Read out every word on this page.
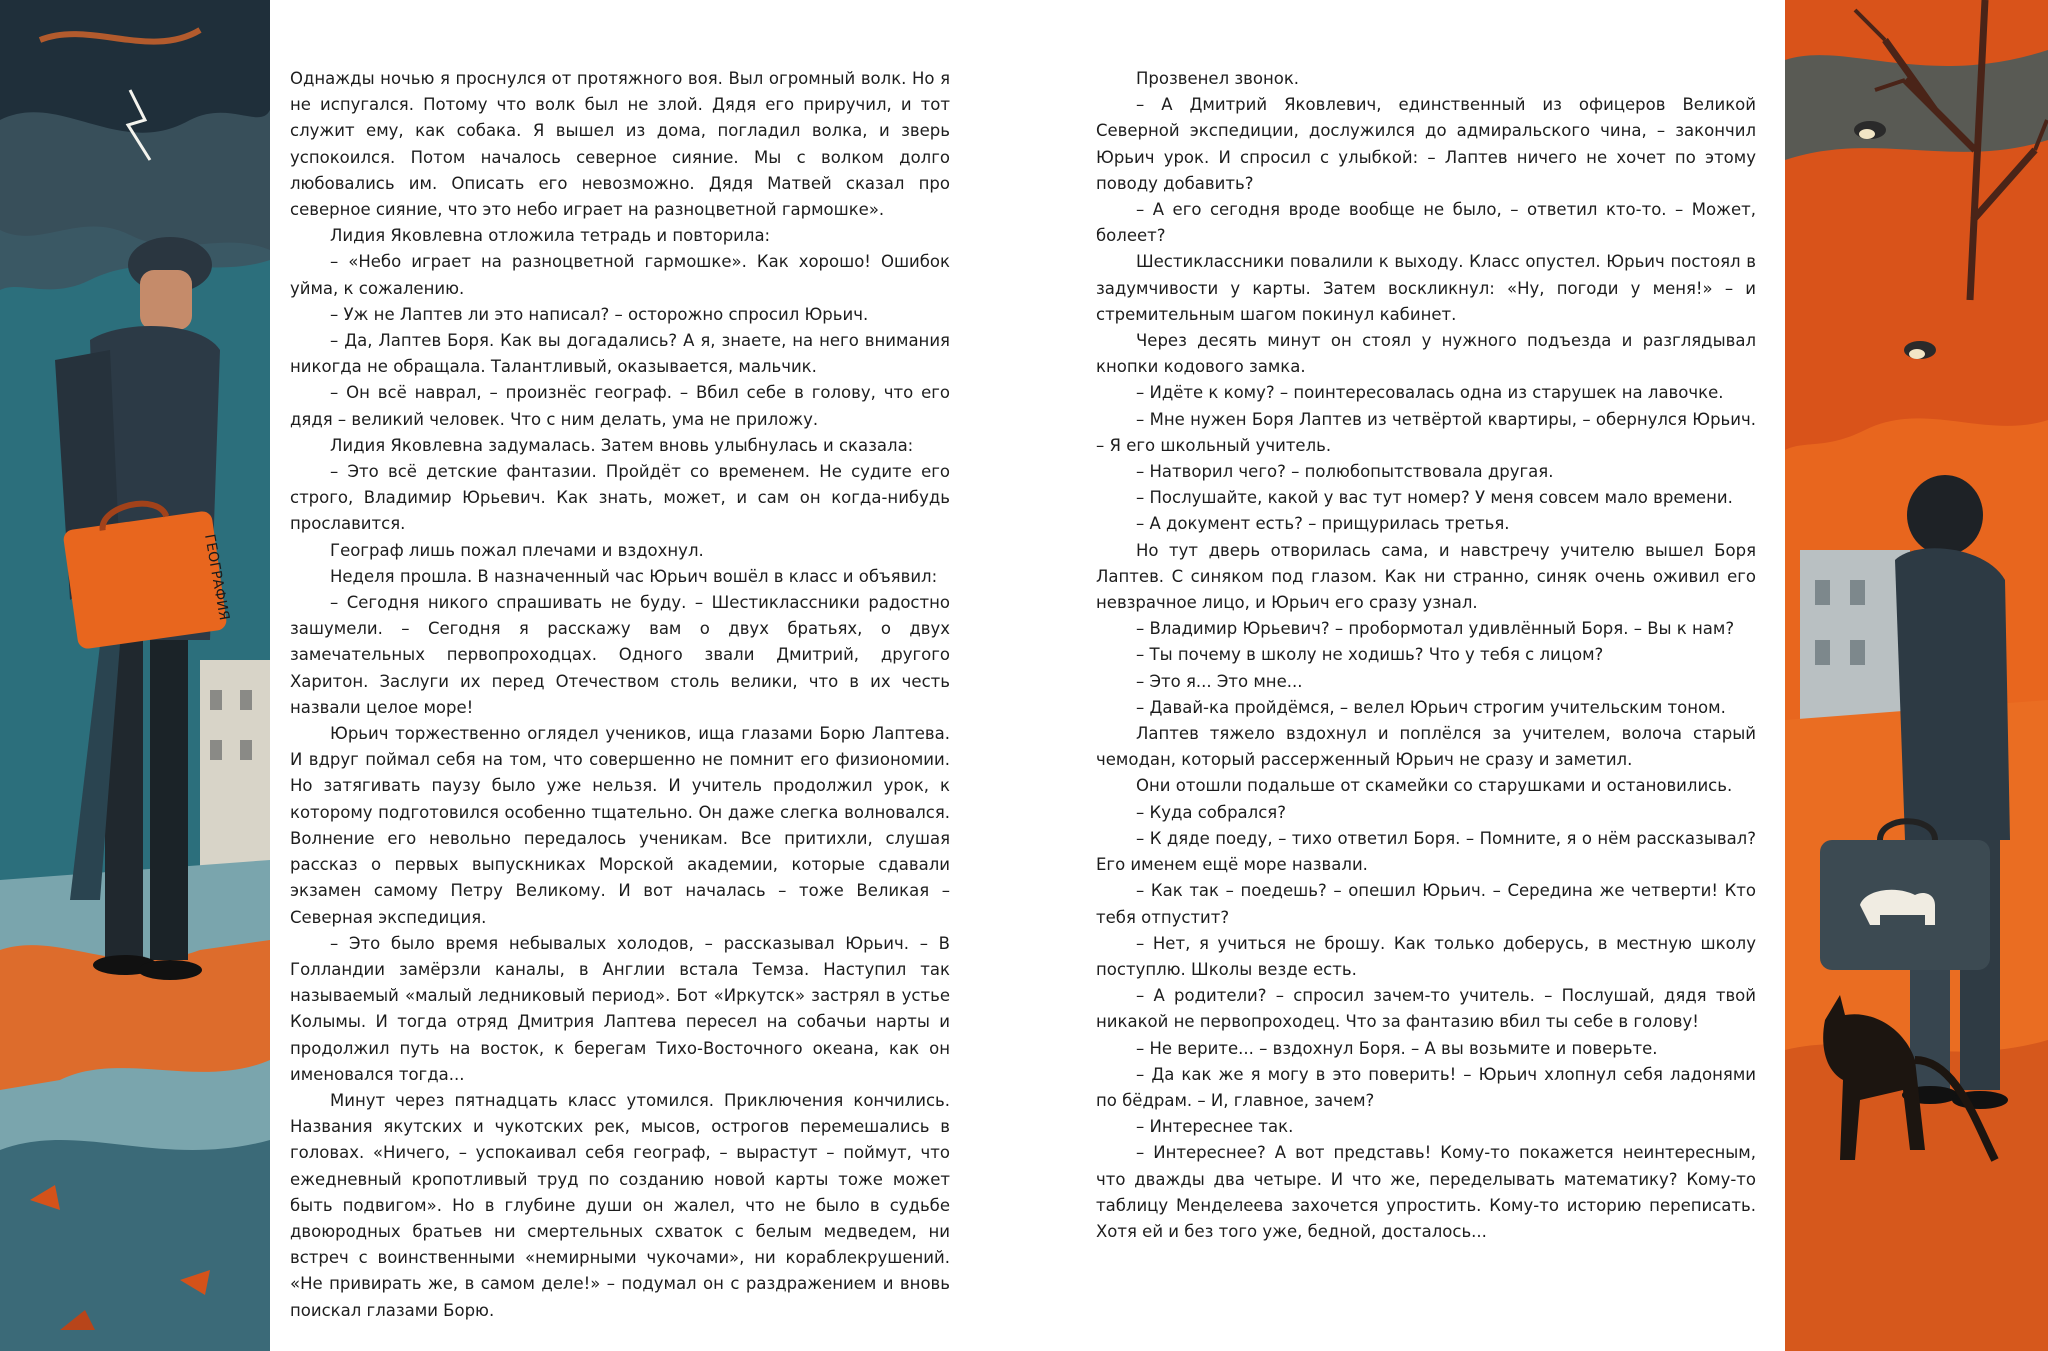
ГЕОГРАФИЯ

Однажды ночью я проснулся от протяжного воя. Выл огромный волк. Но я не испугался. Потому что волк был не злой. Дядя его приручил, и тот служит ему, как собака. Я вышел из дома, погладил волка, и зверь успокоился. Потом началось северное сияние. Мы с волком долго любовались им. Описать его невозможно. Дядя Матвей сказал про северное сияние, что это небо играет на разноцветной гармошке».

Лидия Яковлевна отложила тетрадь и повторила:

– «Небо играет на разноцветной гармошке». Как хорошо! Ошибок уйма, к сожалению.

– Уж не Лаптев ли это написал? – осторожно спросил Юрьич.

– Да, Лаптев Боря. Как вы догадались? А я, знаете, на него внимания никогда не обращала. Талантливый, оказывается, мальчик.

– Он всё наврал, – произнёс географ. – Вбил себе в голову, что его дядя – великий человек. Что с ним делать, ума не приложу.

Лидия Яковлевна задумалась. Затем вновь улыбнулась и сказала:

– Это всё детские фантазии. Пройдёт со временем. Не судите его строго, Владимир Юрьевич. Как знать, может, и сам он когда-нибудь прославится.

Географ лишь пожал плечами и вздохнул.

Неделя прошла. В назначенный час Юрьич вошёл в класс и объявил:

– Сегодня никого спрашивать не буду. – Шестиклассники радостно зашумели. – Сегодня я расскажу вам о двух братьях, о двух замечательных первопроходцах. Одного звали Дмитрий, другого Харитон. Заслуги их перед Отечеством столь велики, что в их честь назвали целое море!

Юрьич торжественно оглядел учеников, ища глазами Борю Лаптева. И вдруг поймал себя на том, что совершенно не помнит его физиономии. Но затягивать паузу было уже нельзя. И учитель продолжил урок, к которому подготовился особенно тщательно. Он даже слегка волновался. Волнение его невольно передалось ученикам. Все притихли, слушая рассказ о первых выпускниках Морской академии, которые сдавали экзамен самому Петру Великому. И вот началась – тоже Великая – Северная экспедиция.

– Это было время небывалых холодов, – рассказывал Юрьич. – В Голландии замёрзли каналы, в Англии встала Темза. Наступил так называемый «малый ледниковый период». Бот «Иркутск» застрял в устье Колымы. И тогда отряд Дмитрия Лаптева пересел на собачьи нарты и продолжил путь на восток, к берегам Тихо-Восточного океана, как он именовался тогда...

Минут через пятнадцать класс утомился. Приключения кончились. Названия якутских и чукотских рек, мысов, острогов перемешались в головах. «Ничего, – успокаивал себя географ, – вырастут – поймут, что ежедневный кропотливый труд по созданию новой карты тоже может быть подвигом». Но в глубине души он жалел, что не было в судьбе двоюродных братьев ни смертельных схваток с белым медведем, ни встреч с воинственными «немирными чукочами», ни кораблекрушений. «Не привирать же, в самом деле!» – подумал он с раздражением и вновь поискал глазами Борю.

Прозвенел звонок.

– А Дмитрий Яковлевич, единственный из офицеров Великой Северной экспедиции, дослужился до адмиральского чина, – закончил Юрьич урок. И спросил с улыбкой: – Лаптев ничего не хочет по этому поводу добавить?

– А его сегодня вроде вообще не было, – ответил кто-то. – Может, болеет?

Шестиклассники повалили к выходу. Класс опустел. Юрьич постоял в задумчивости у карты. Затем воскликнул: «Ну, погоди у меня!» – и стремительным шагом покинул кабинет.

Через десять минут он стоял у нужного подъезда и разглядывал кнопки кодового замка.

– Идёте к кому? – поинтересовалась одна из старушек на лавочке.

– Мне нужен Боря Лаптев из четвёртой квартиры, – обернулся Юрьич. – Я его школьный учитель.

– Натворил чего? – полюбопытствовала другая.

– Послушайте, какой у вас тут номер? У меня совсем мало времени.

– А документ есть? – прищурилась третья.

Но тут дверь отворилась сама, и навстречу учителю вышел Боря Лаптев. С синяком под глазом. Как ни странно, синяк очень оживил его невзрачное лицо, и Юрьич его сразу узнал.

– Владимир Юрьевич? – пробормотал удивлённый Боря. – Вы к нам?

– Ты почему в школу не ходишь? Что у тебя с лицом?

– Это я... Это мне...

– Давай-ка пройдёмся, – велел Юрьич строгим учительским тоном.

Лаптев тяжело вздохнул и поплёлся за учителем, волоча старый чемодан, который рассерженный Юрьич не сразу и заметил.

Они отошли подальше от скамейки со старушками и остановились.

– Куда собрался?

– К дяде поеду, – тихо ответил Боря. – Помните, я о нём рассказывал? Его именем ещё море назвали.

– Как так – поедешь? – опешил Юрьич. – Середина же четверти! Кто тебя отпустит?

– Нет, я учиться не брошу. Как только доберусь, в местную школу поступлю. Школы везде есть.

– А родители? – спросил зачем-то учитель. – Послушай, дядя твой никакой не первопроходец. Что за фантазию вбил ты себе в голову!

– Не верите... – вздохнул Боря. – А вы возьмите и поверьте.

– Да как же я могу в это поверить! – Юрьич хлопнул себя ладонями по бёдрам. – И, главное, зачем?

– Интереснее так.

– Интереснее? А вот представь! Кому-то покажется неинтересным, что дважды два четыре. И что же, переделывать математику? Кому-то таблицу Менделеева захочется упростить. Кому-то историю переписать. Хотя ей и без того уже, бедной, досталось...
